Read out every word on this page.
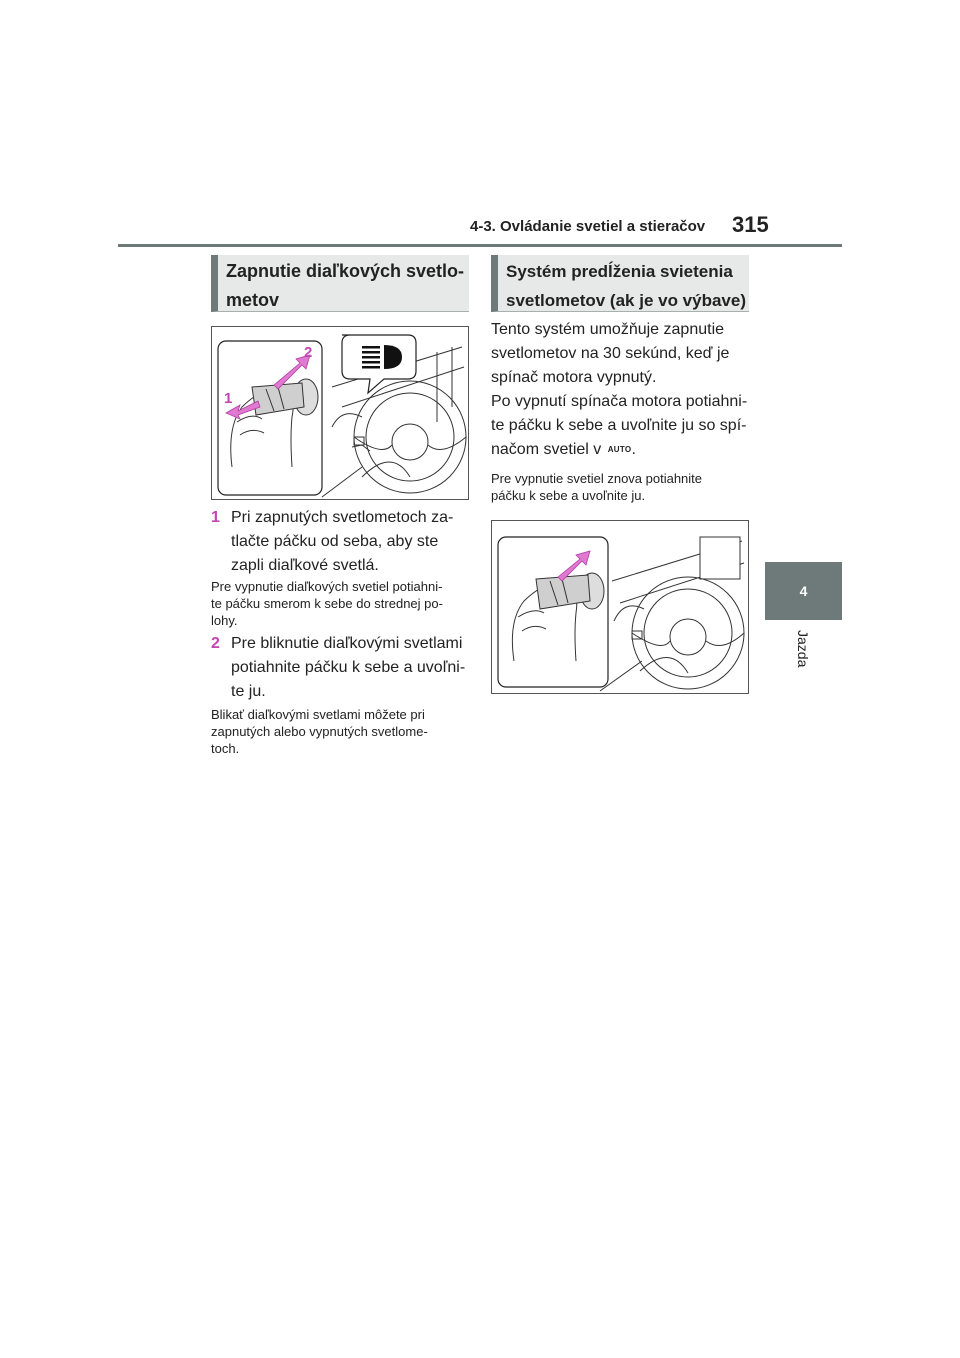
4-3. Ovládanie svetiel a stieračov 315
4
Jazda
Zapnutie diaľkových svetlo-
metov
2
1
1 Pri zapnutých svetlometoch za-
tlačte páčku od seba, aby ste
zapli diaľkové svetlá.
Pre vypnutie diaľkových svetiel potiahni-
te páčku smerom k sebe do strednej po-
lohy.
2 Pre bliknutie diaľkovými svetlami
potiahnite páčku k sebe a uvoľni-
te ju.
Blikať diaľkovými svetlami môžete pri
zapnutých alebo vypnutých svetlome-
toch.
Systém predĺženia svietenia
svetlometov (ak je vo výbave)
Tento systém umožňuje zapnutie
svetlometov na 30 sekúnd, keď je
spínač motora vypnutý.
Po vypnutí spínača motora potiahni-
te páčku k sebe a uvoľnite ju so spí-
načom svetiel v AUTO.
Pre vypnutie svetiel znova potiahnite
páčku k sebe a uvoľnite ju.
